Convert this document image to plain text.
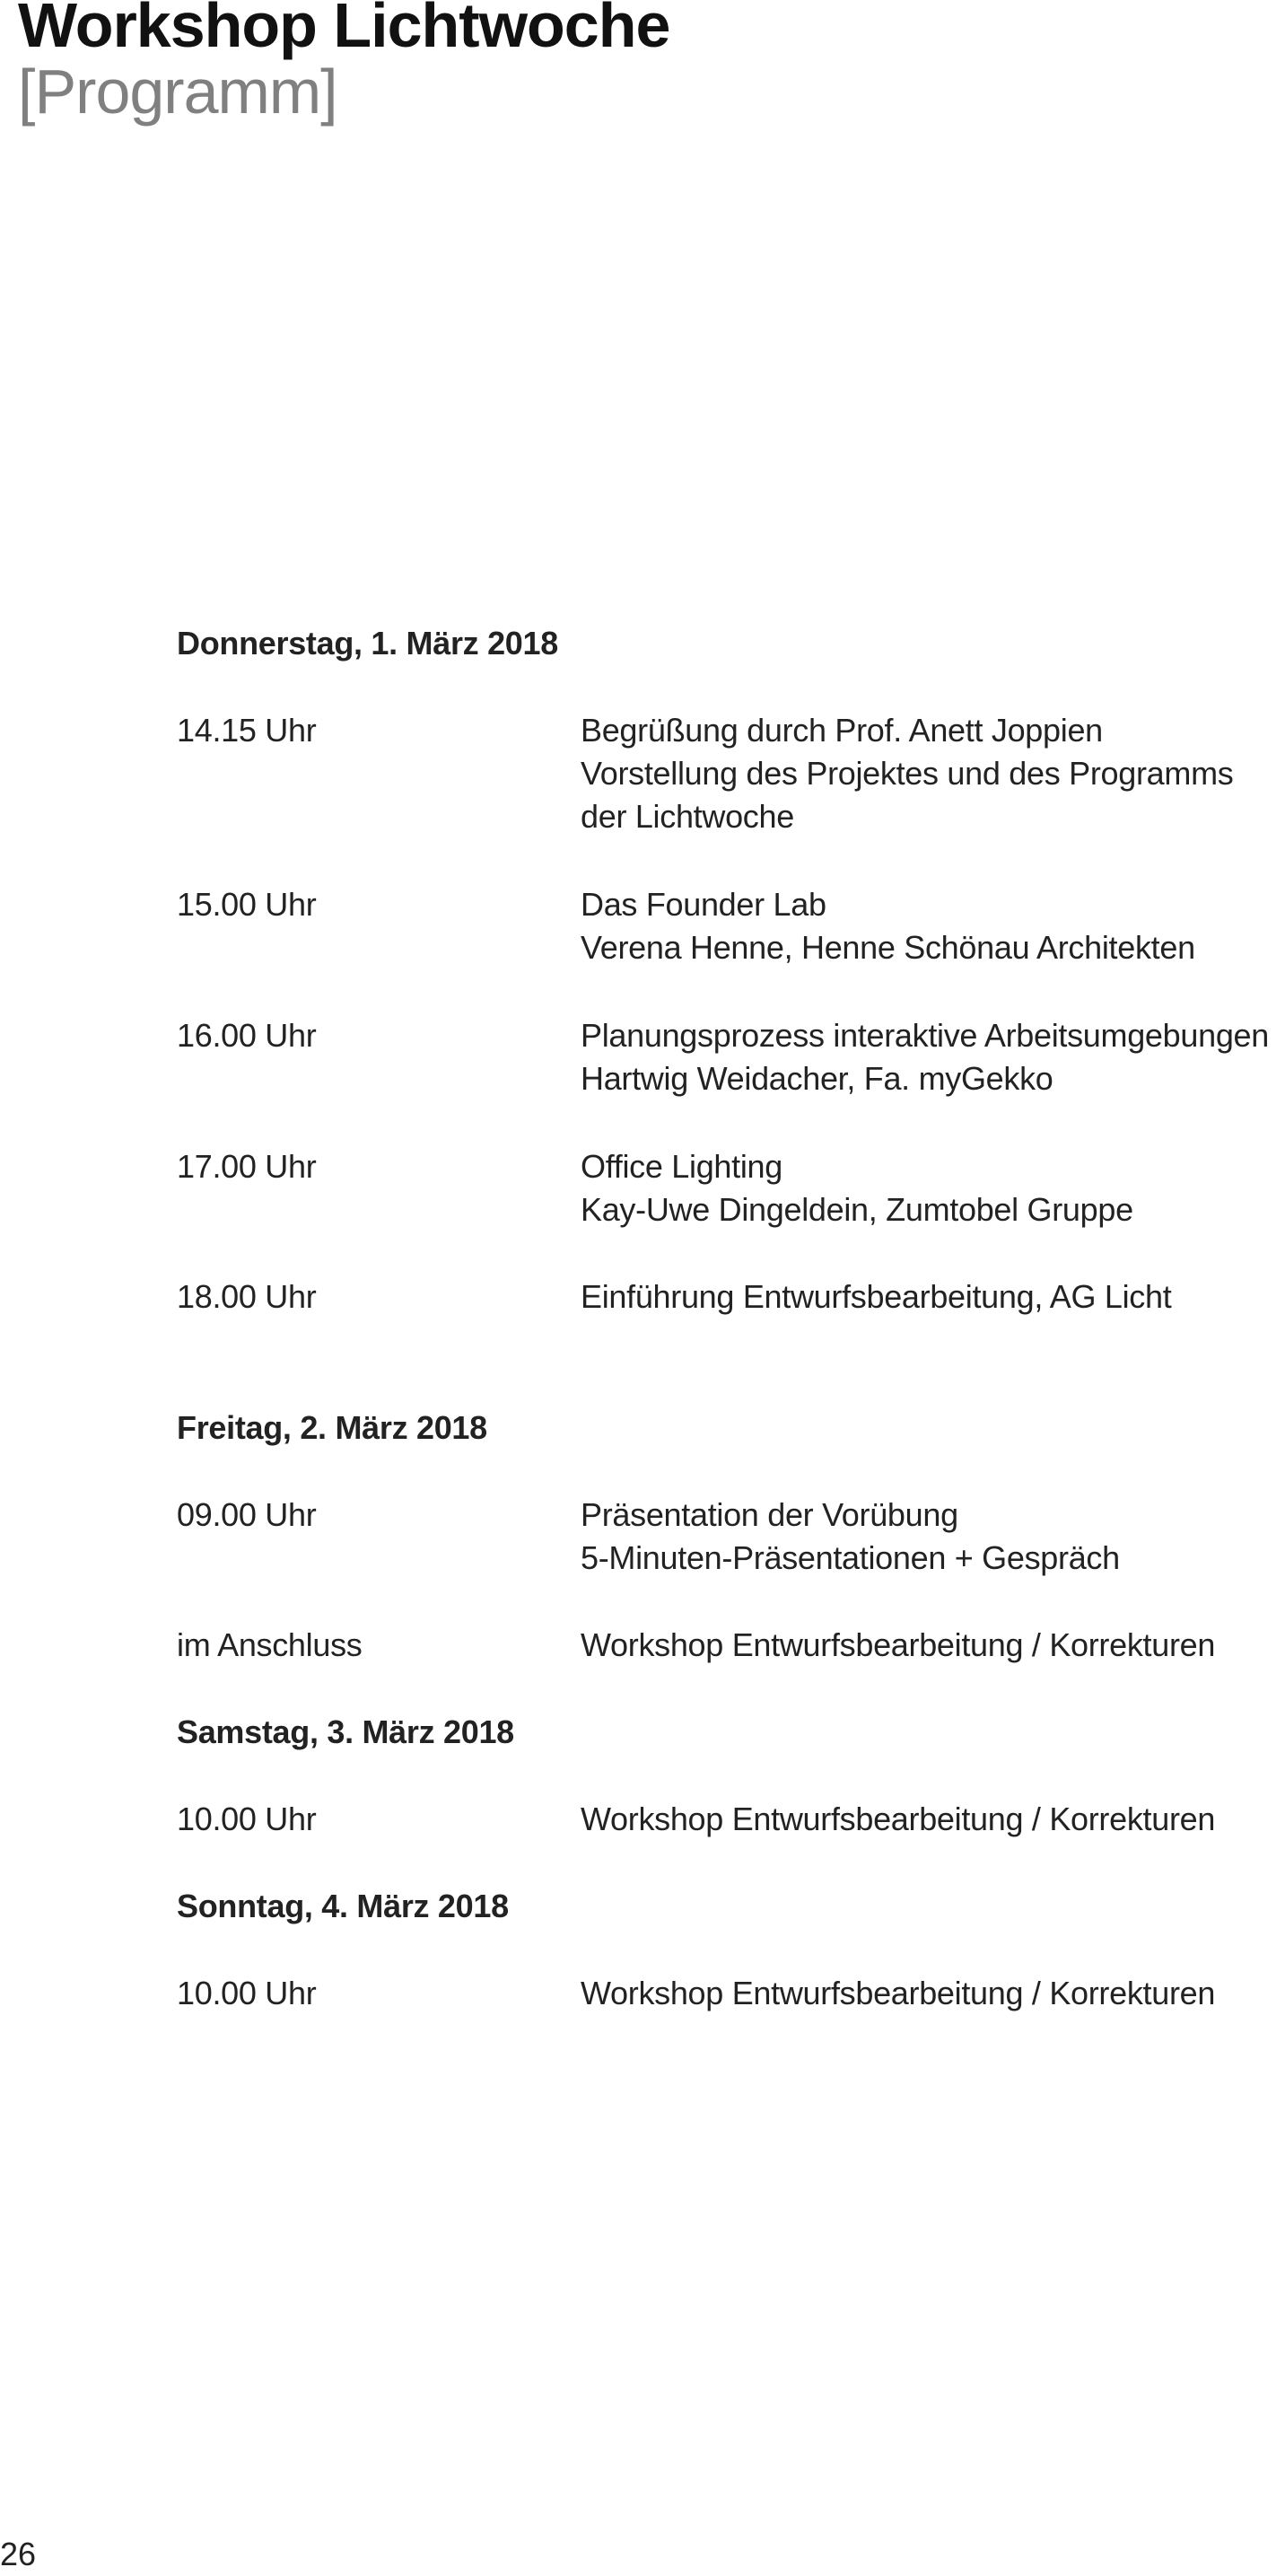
Workshop Lichtwoche
[Programm]
Donnerstag, 1. März 2018
14.15 Uhr	Begrüßung durch Prof. Anett Joppien
Vorstellung des Projektes und des Programms
der Lichtwoche
15.00 Uhr	Das Founder Lab
Verena Henne, Henne Schönau Architekten
16.00 Uhr	Planungsprozess interaktive Arbeitsumgebungen
Hartwig Weidacher, Fa. myGekko
17.00 Uhr	Office Lighting
Kay-Uwe Dingeldein, Zumtobel Gruppe
18.00 Uhr	Einführung Entwurfsbearbeitung, AG Licht
Freitag, 2. März 2018
09.00 Uhr	Präsentation der Vorübung
5-Minuten-Präsentationen + Gespräch
im Anschluss	Workshop Entwurfsbearbeitung / Korrekturen
Samstag, 3. März 2018
10.00 Uhr	Workshop Entwurfsbearbeitung / Korrekturen
Sonntag, 4. März 2018
10.00 Uhr	Workshop Entwurfsbearbeitung / Korrekturen
26
